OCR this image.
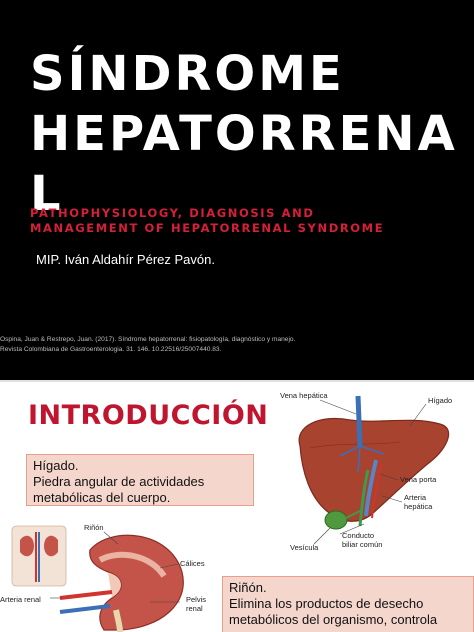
SÍNDROME
HEPATORRENA
L
PATHOPHYSIOLOGY, DIAGNOSIS AND
MANAGEMENT OF HEPATORRENAL SYNDROME
MIP. Iván Aldahír Pérez Pavón.
Ospina, Juan & Restrepo, Juan. (2017). Síndrome hepatorrenal: fisiopatología, diagnóstico y manejo.
Revista Colombiana de Gastroenterologia. 31. 146. 10.22516/25007440.83.
INTRODUCCIÓN
Hígado.
Piedra angular de actividades
metabólicas del cuerpo.
Vena hepática
Hígado
Vena porta
Arteria
hepática
Conducto
biliar común
Vesícula
Riñón
Cálices
Arteria renal	Pelvis
renal
Riñón.
Elimina los productos de desecho
metabólicos del organismo, controla
